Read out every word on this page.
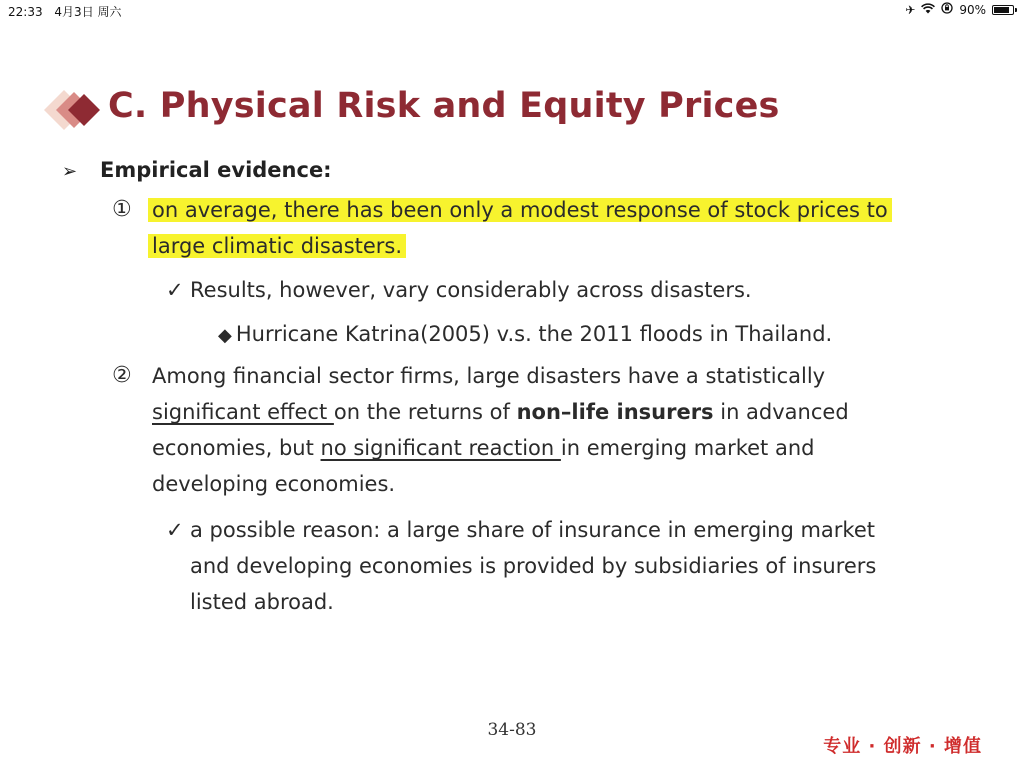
22:33 4月3日 周六	✈	90%
C. Physical Risk and Equity Prices
➢ Empirical evidence:
① on average, there has been only a modest response of stock prices to
large climatic disasters.
✓ Results, however, vary considerably across disasters.
◆ Hurricane Katrina(2005) v.s. the 2011 floods in Thailand.
② Among financial sector firms, large disasters have a statistically
significant effect on the returns of non–life insurers in advanced
economies, but no significant reaction in emerging market and
developing economies.
✓ a possible reason: a large share of insurance in emerging market
and developing economies is provided by subsidiaries of insurers
listed abroad.
34-83
专业 · 创新 · 增值
